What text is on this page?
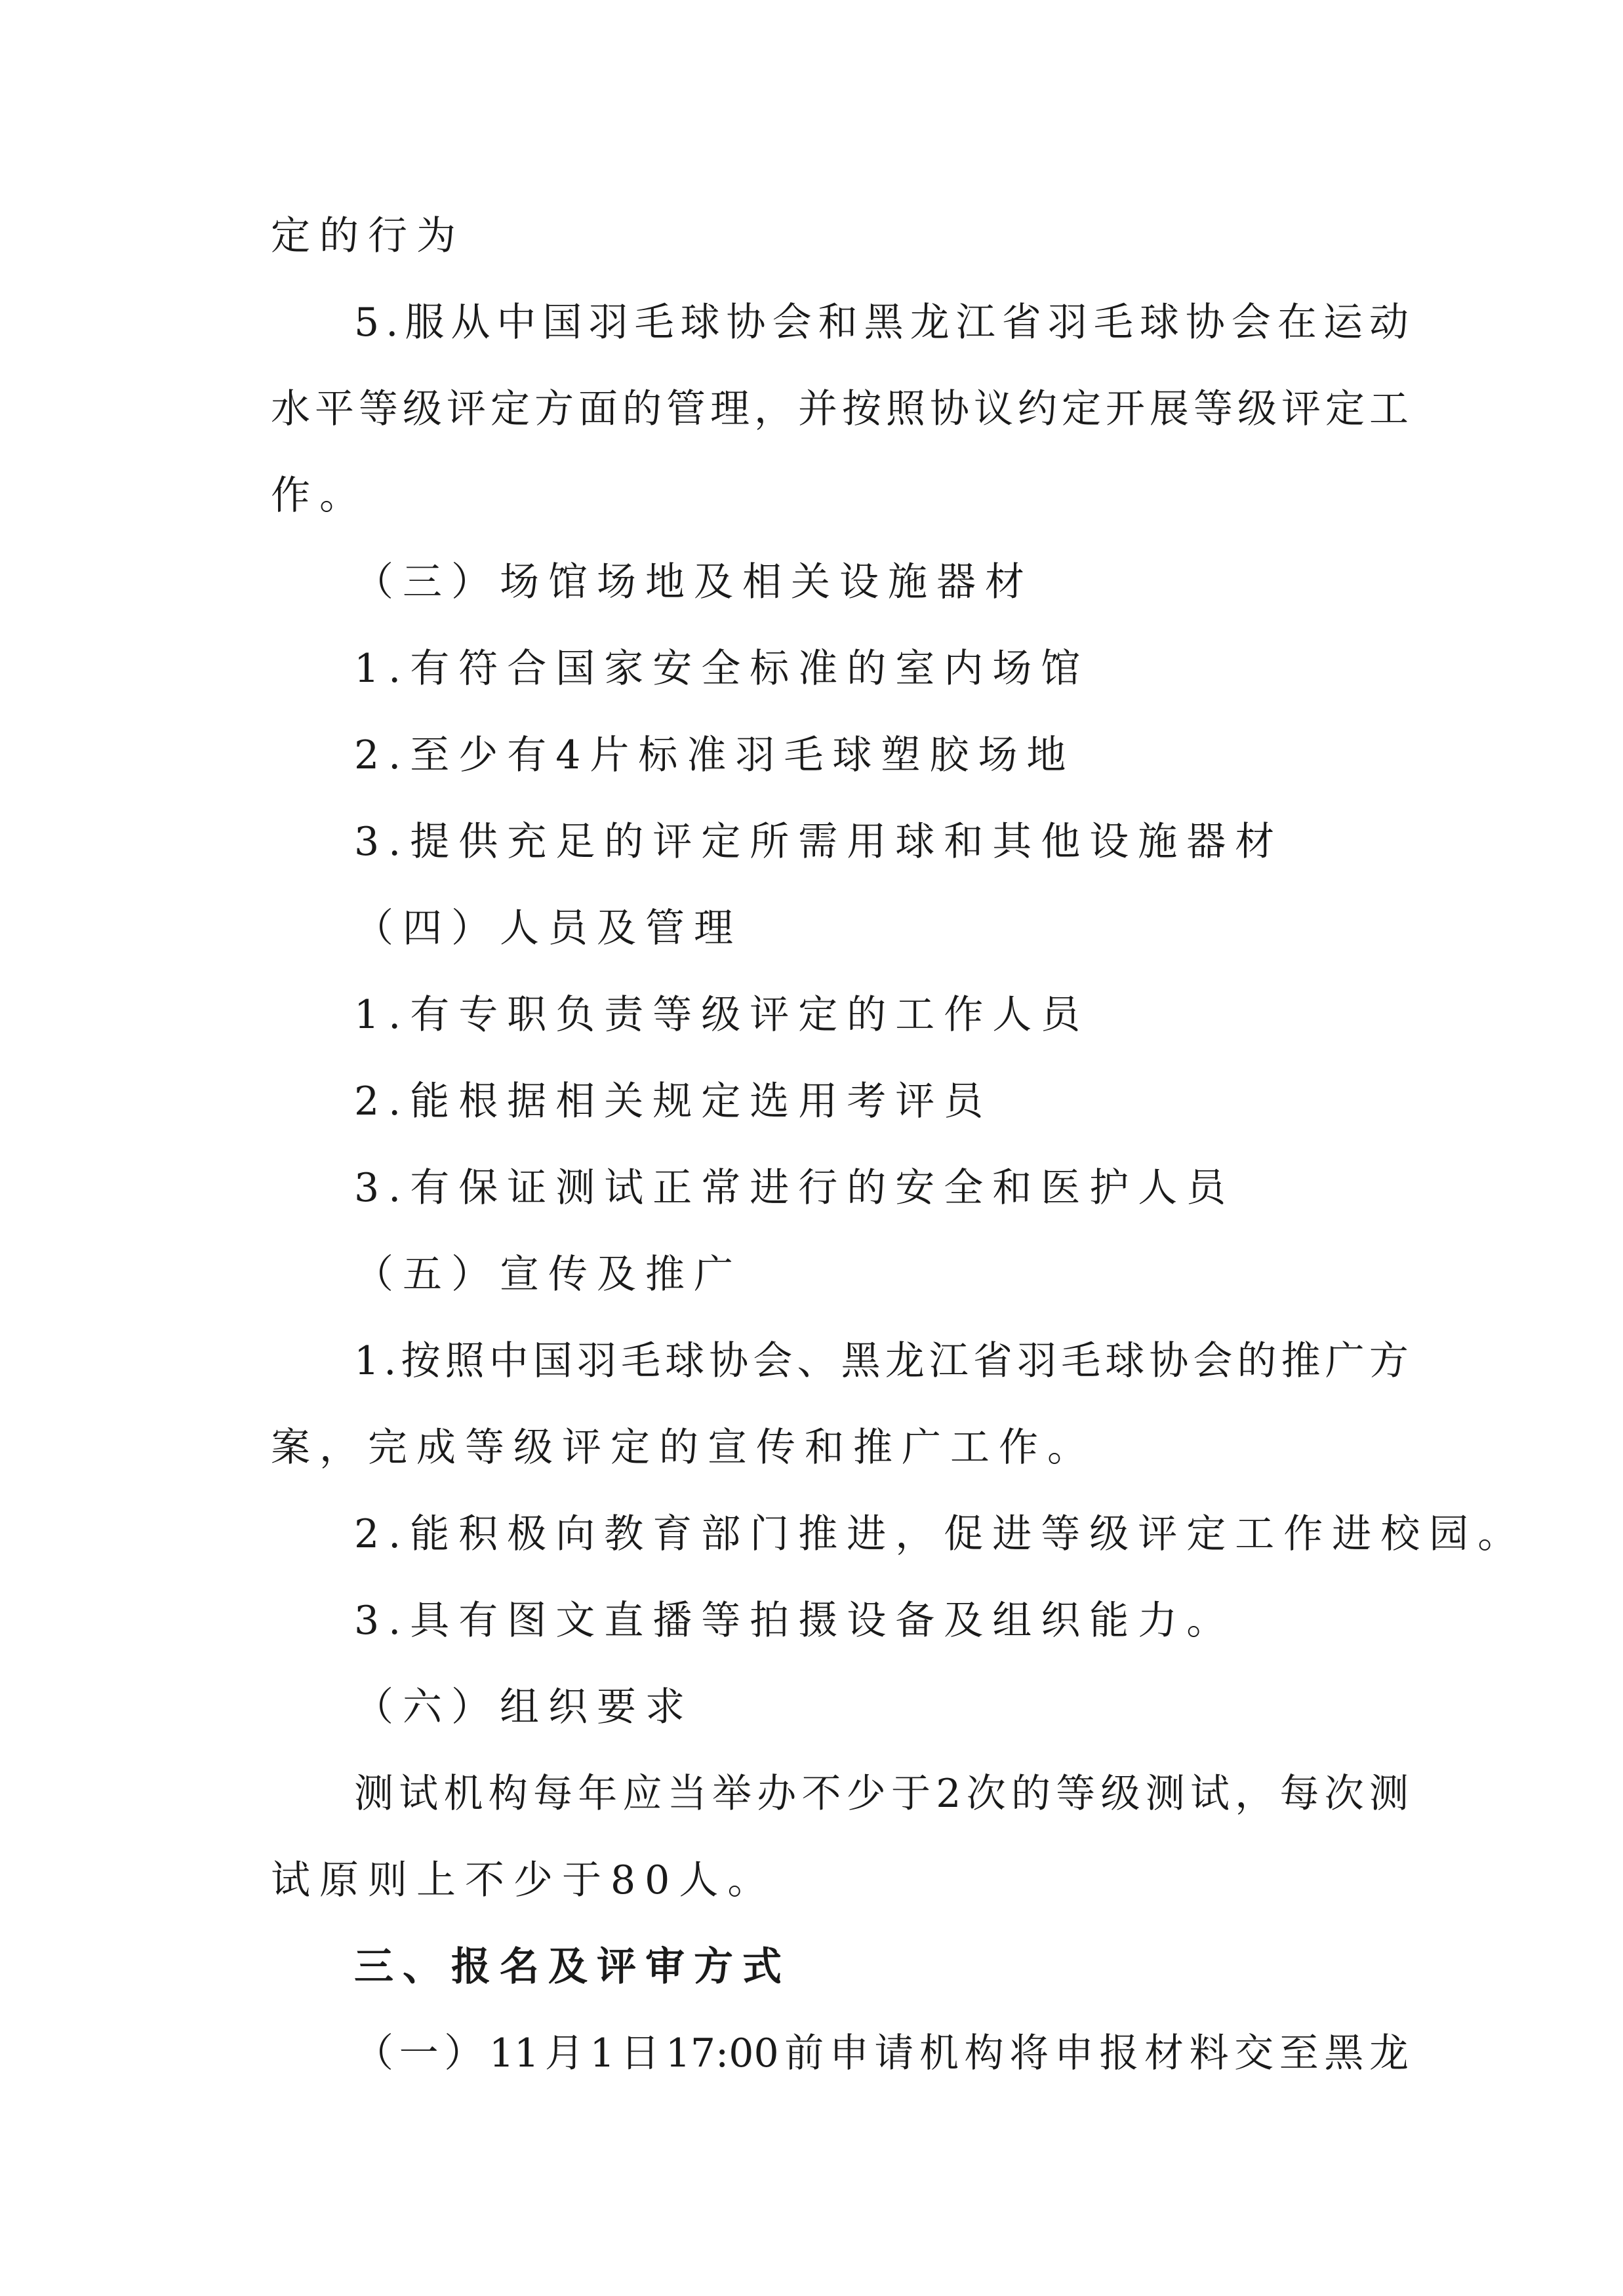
定的行为
5 . 服 从 中 国 羽 毛 球 协 会 和 黑 龙 江 省 羽 毛 球 协 会 在 运 动
水 平 等 级 评 定 方 面 的 管 理 ， 并 按 照 协 议 约 定 开 展 等 级 评 定 工
作。
（三）场馆场地及相关设施器材
1.有符合国家安全标准的室内场馆
2.至少有4片标准羽毛球塑胶场地
3.提供充足的评定所需用球和其他设施器材
（四）人员及管理
1.有专职负责等级评定的工作人员
2.能根据相关规定选用考评员
3.有保证测试正常进行的安全和医护人员
（五）宣传及推广
1 . 按 照 中 国 羽 毛 球 协 会 、 黑 龙 江 省 羽 毛 球 协 会 的 推 广 方
案，完成等级评定的宣传和推广工作。
2.能积极向教育部门推进，促进等级评定工作进校园。
3.具有图文直播等拍摄设备及组织能力。
（六）组织要求
测 试 机 构 每 年 应 当 举 办 不 少 于 2 次 的 等 级 测 试 ， 每 次 测
试原则上不少于80人。
三、报名及评审方式
（ 一 ） 11 月 1 日 17:00 前 申 请 机 构 将 申 报 材 料 交 至 黑 龙
